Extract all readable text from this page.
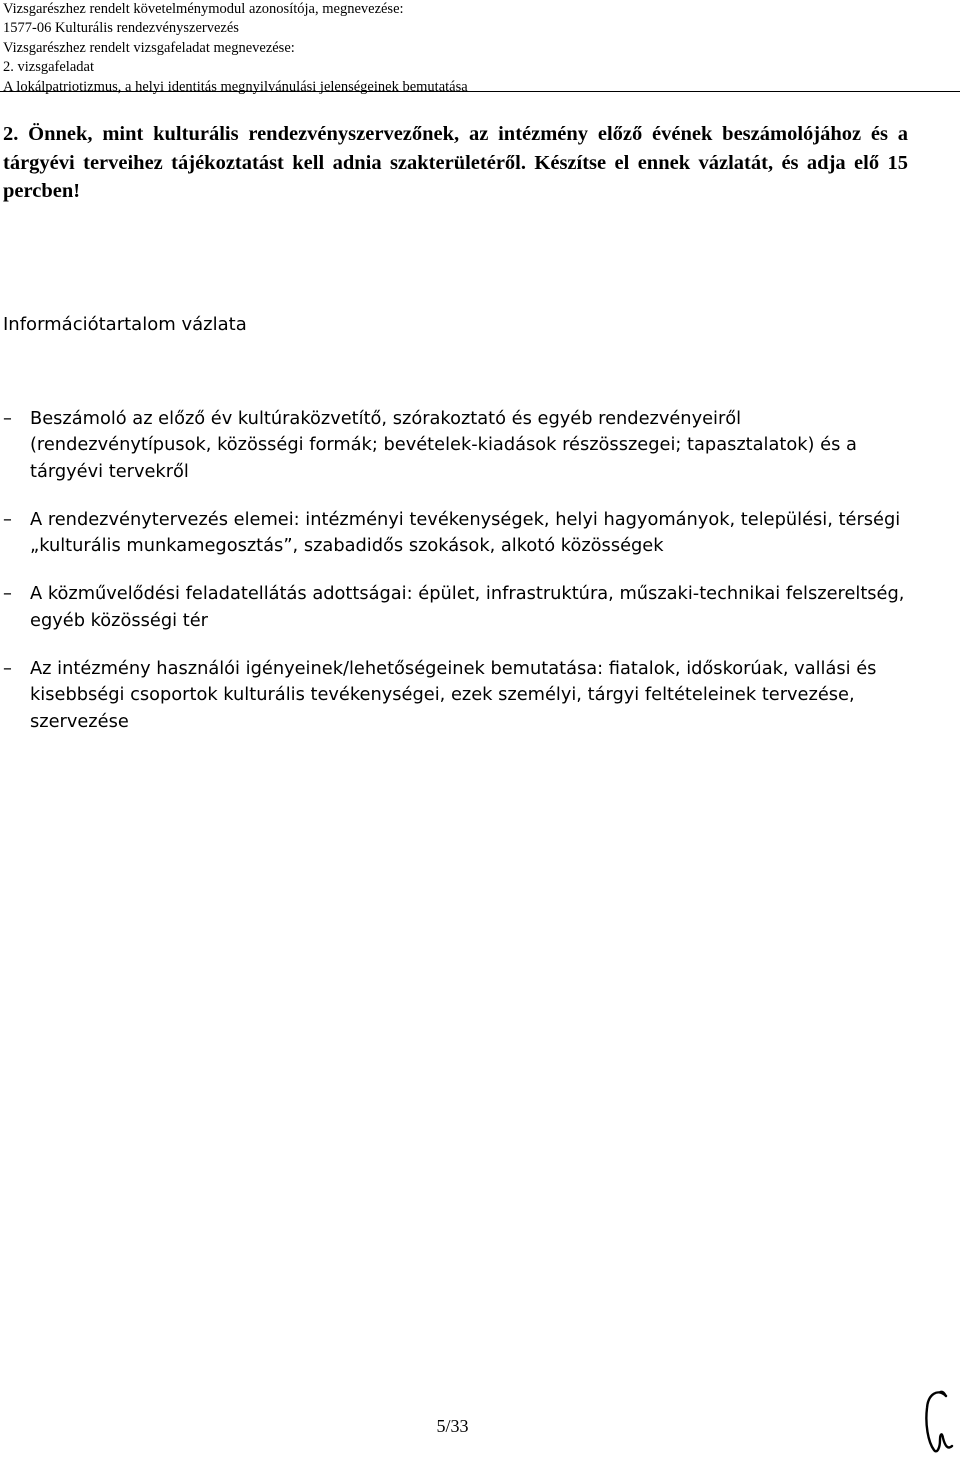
Vizsgarészhez rendelt követelménymodul azonosítója, megnevezése:
1577-06 Kulturális rendezvényszervezés
Vizsgarészhez rendelt vizsgafeladat megnevezése:
2. vizsgafeladat
A lokálpatriotizmus, a helyi identitás megnyilvánulási jelenségeinek bemutatása

2. Önnek, mint kulturális rendezvényszervezőnek, az intézmény előző évének beszámolójához és a tárgyévi terveihez tájékoztatást kell adnia szakterületéről. Készítse el ennek vázlatát, és adja elő 15 percben!

Információtartalom vázlata
– Beszámoló az előző év kultúraközvetítő, szórakoztató és egyéb rendezvényeiről (rendezvénytípusok, közösségi formák; bevételek-kiadások részösszegei; tapasztalatok) és a tárgyévi tervekről
– A rendezvénytervezés elemei: intézményi tevékenységek, helyi hagyományok, települési, térségi „kulturális munkamegosztás”, szabadidős szokások, alkotó közösségek
– A közművelődési feladatellátás adottságai: épület, infrastruktúra, műszaki-technikai felszereltség, egyéb közösségi tér
– Az intézmény használói igényeinek/lehetőségeinek bemutatása: fiatalok, időskorúak, vallási és kisebbségi csoportok kulturális tevékenységei, ezek személyi, tárgyi feltételeinek tervezése, szervezése
5/33
